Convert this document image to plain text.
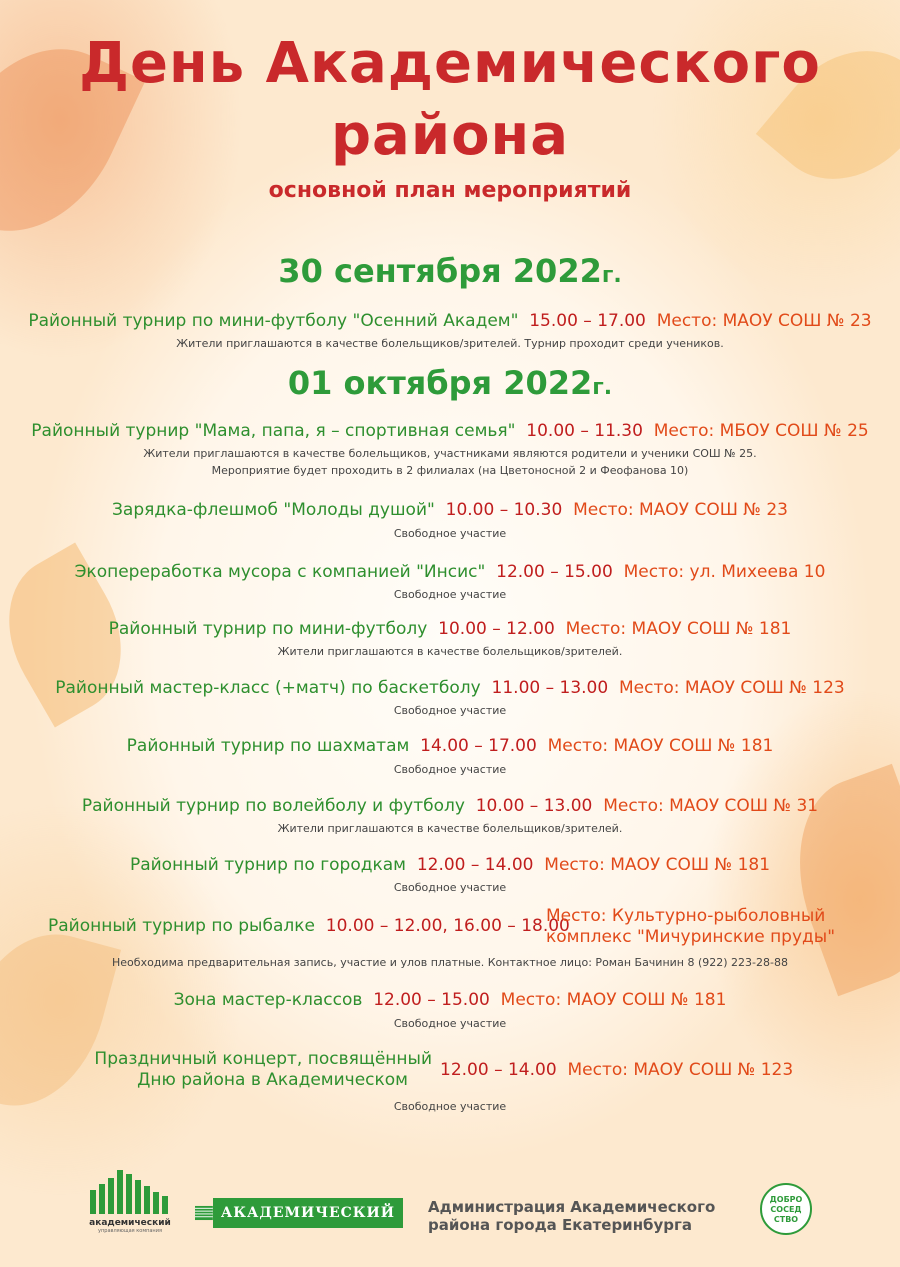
День Академического
района
основной план мероприятий
30 сентября 2022г.
Районный турнир по мини-футболу "Осенний Академ" 15.00 – 17.00 Место: МАОУ СОШ № 23
Жители приглашаются в качестве болельщиков/зрителей. Турнир проходит среди учеников.
01 октября 2022г.
Районный турнир "Мама, папа, я – спортивная семья" 10.00 – 11.30 Место: МБОУ СОШ № 25
Жители приглашаются в качестве болельщиков, участниками являются родители и ученики СОШ № 25.
Мероприятие будет проходить в 2 филиалах (на Цветоносной 2 и Феофанова 10)
Зарядка-флешмоб "Молоды душой" 10.00 – 10.30 Место: МАОУ СОШ № 23
Свободное участие
Экопереработка мусора с компанией "Инсис" 12.00 – 15.00 Место: ул. Михеева 10
Свободное участие
Районный турнир по мини-футболу 10.00 – 12.00 Место: МАОУ СОШ № 181
Жители приглашаются в качестве болельщиков/зрителей.
Районный мастер-класс (+матч) по баскетболу 11.00 – 13.00 Место: МАОУ СОШ № 123
Свободное участие
Районный турнир по шахматам 14.00 – 17.00 Место: МАОУ СОШ № 181
Свободное участие
Районный турнир по волейболу и футболу 10.00 – 13.00 Место: МАОУ СОШ № 31
Жители приглашаются в качестве болельщиков/зрителей.
Районный турнир по городкам 12.00 – 14.00 Место: МАОУ СОШ № 181
Свободное участие
Районный турнир по рыбалке 10.00 – 12.00, 16.00 – 18.00
Место: Культурно-рыболовный
комплекс "Мичуринские пруды"
Необходима предварительная запись, участие и улов платные. Контактное лицо: Роман Бачинин 8 (922) 223-28-88
Зона мастер-классов 12.00 – 15.00 Место: МАОУ СОШ № 181
Свободное участие
Праздничный концерт, посвящённый
Дню района в Академическом	12.00 – 14.00 Место: МАОУ СОШ № 123
Свободное участие
академический
управляющая компания
АКАДЕМИЧЕСКИЙ	Администрация Академического
района города Екатеринбурга
ДОБРО
СОСЕД
СТВО
